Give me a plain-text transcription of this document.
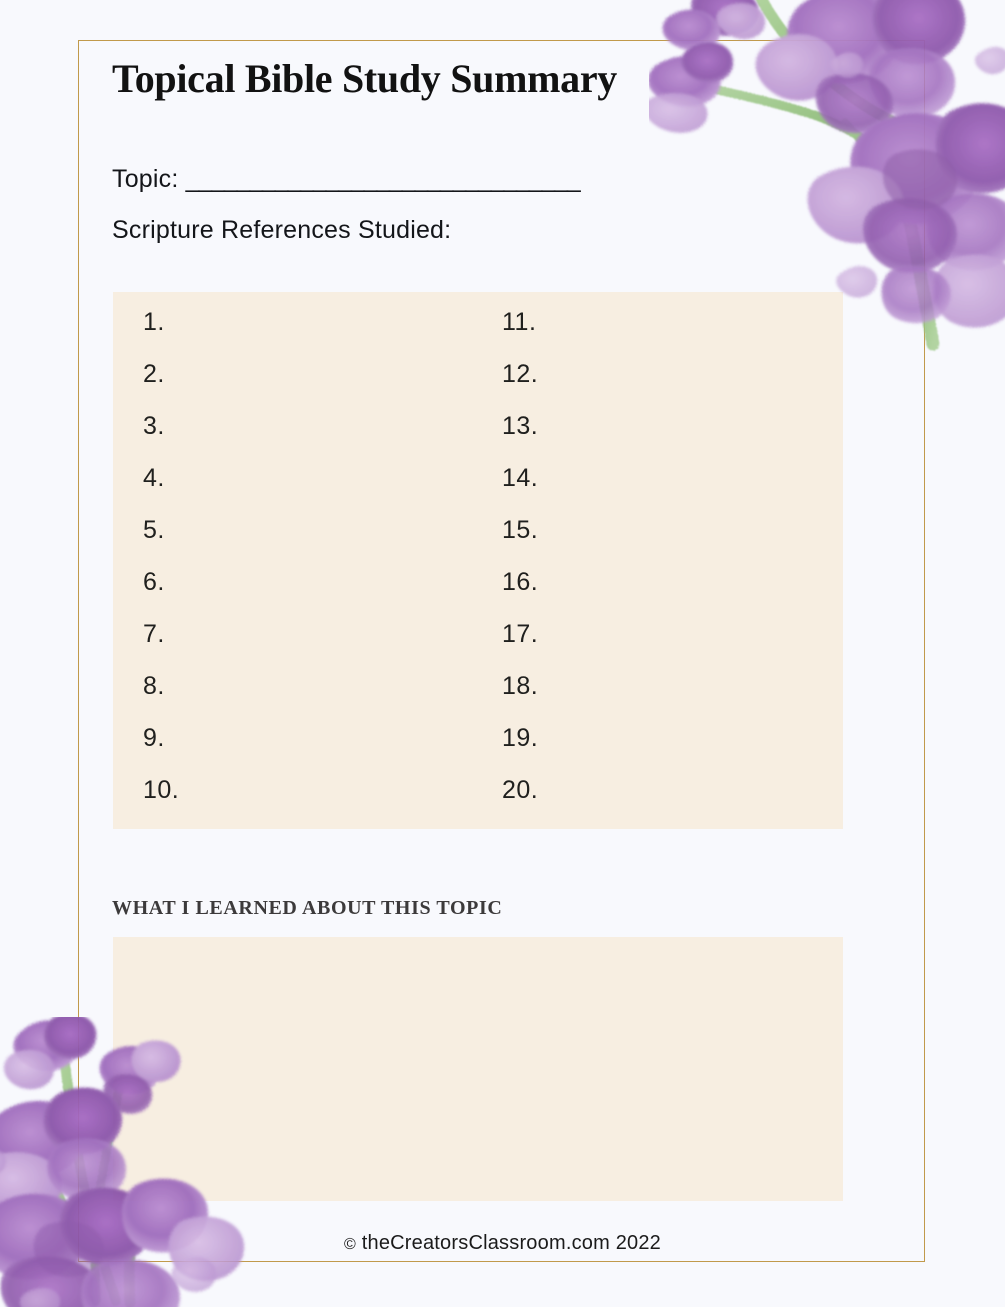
Topical Bible Study Summary
Topic: _______________________________
Scripture References Studied:
1.
2.
3.
4.
5.
6.
7.
8.
9.
10.
11.
12.
13.
14.
15.
16.
17.
18.
19.
20.
WHAT I LEARNED ABOUT THIS TOPIC
© theCreatorsClassroom.com 2022
